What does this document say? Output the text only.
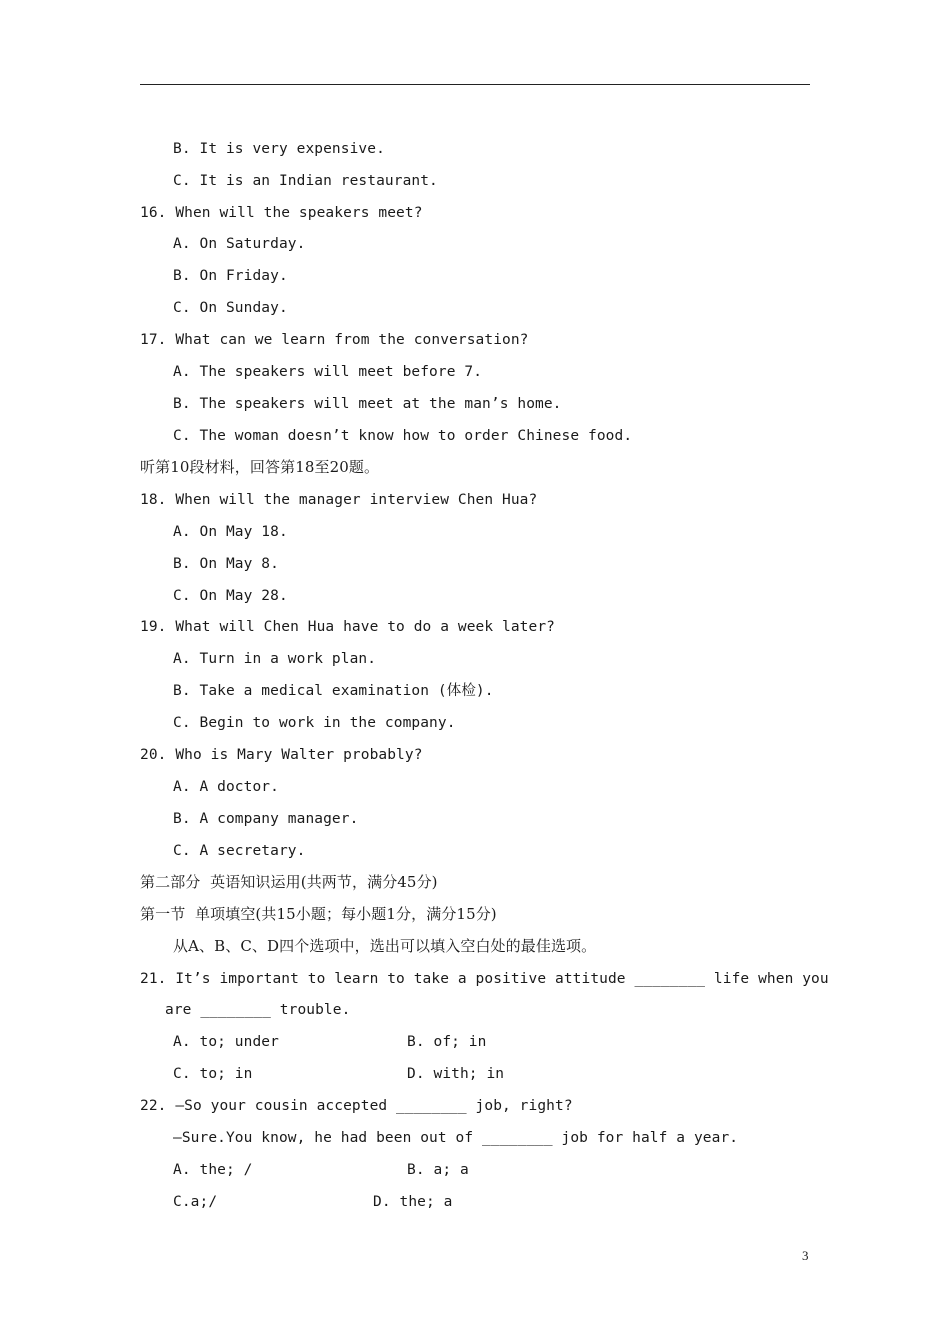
B. It is very expensive.
C. It is an Indian restaurant.
16. When will the speakers meet?
A. On Saturday.
B. On Friday.
C. On Sunday.
17. What can we learn from the conversation?
A. The speakers will meet before 7.
B. The speakers will meet at the man’s home.
C. The woman doesn’t know how to order Chinese food.
听第10段材料，回答第18至20题。
18. When will the manager interview Chen Hua?
A. On May 18.
B. On May 8.
C. On May 28.
19. What will Chen Hua have to do a week later?
A. Turn in a work plan.
B. Take a medical examination (体检).
C. Begin to work in the company.
20. Who is Mary Walter probably?
A. A doctor.
B. A company manager.
C. A secretary.
第二部分  英语知识运用(共两节，满分45分)
第一节  单项填空(共15小题；每小题1分，满分15分)
从A、B、C、D四个选项中，选出可以填入空白处的最佳选项。
21. It’s important to learn to take a positive attitude ________ life when you
are ________ trouble.
A. to; under	B. of; in
C. to; in	D. with; in
22. —So your cousin accepted ________ job, right?
—Sure.You know, he had been out of ________ job for half a year.
A. the; /	B. a; a
C.a;/	D. the; a
3
